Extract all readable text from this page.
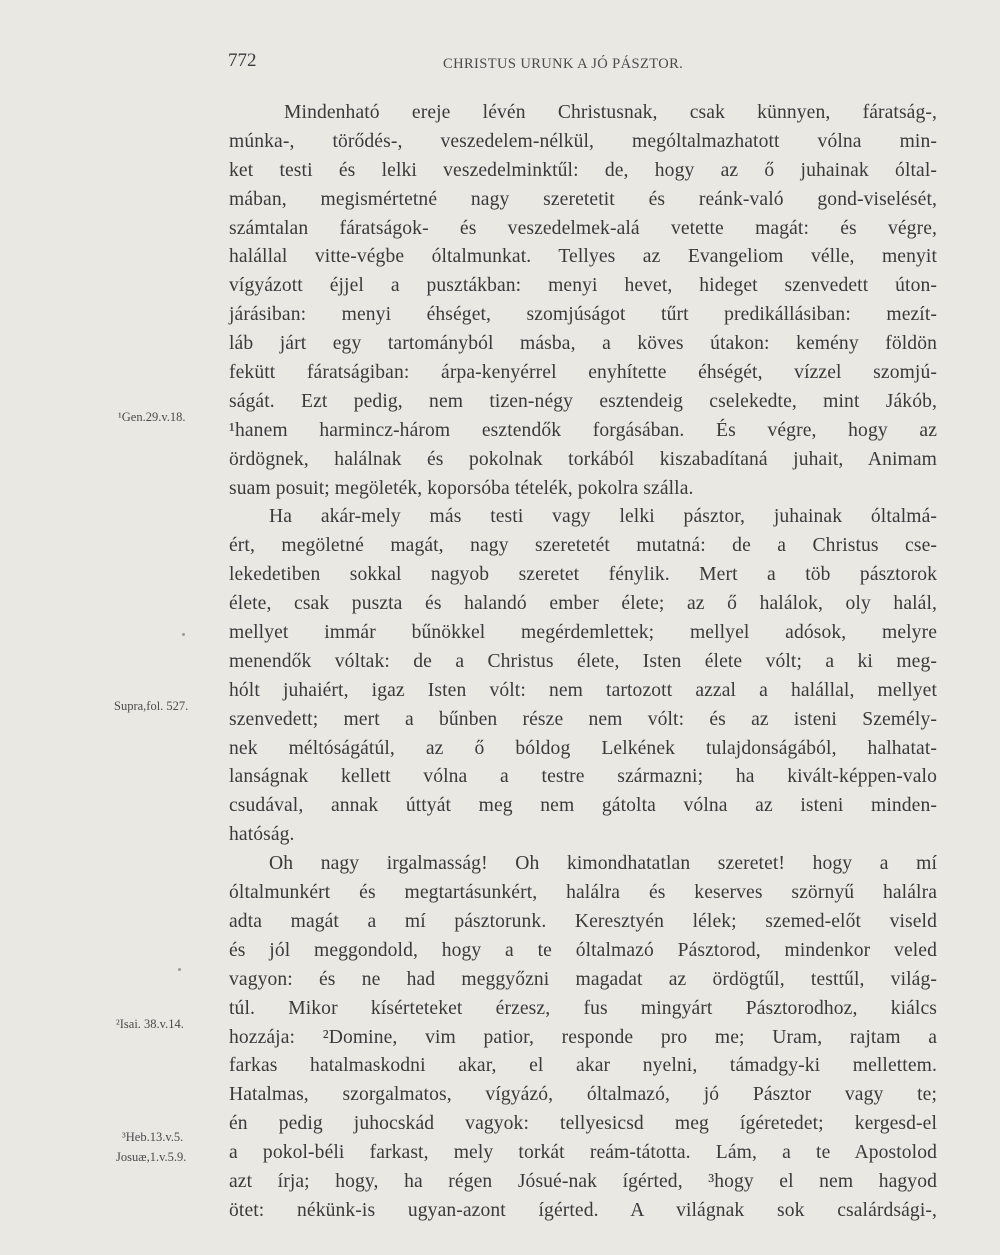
772	CHRISTUS URUNK A JÓ PÁSZTOR.
Mindenható ereje lévén Christusnak, csak künnyen, fáratság-,
múnka-, törődés-, veszedelem-nélkül, mególtalmazhatott vólna min-
ket testi és lelki veszedelminktűl: de, hogy az ő juhainak óltal-
mában, megismértetné nagy szeretetit és reánk-való gond-viselését,
számtalan fáratságok- és veszedelmek-alá vetette magát: és végre,
halállal vitte-végbe óltalmunkat. Tellyes az Evangeliom vélle, menyit
vígyázott éjjel a pusztákban: menyi hevet, hideget szenvedett úton-
járásiban: menyi éhséget, szomjúságot tűrt predikállásiban: mezít-
láb járt egy tartományból másba, a köves útakon: kemény földön
fekütt fáratságiban: árpa-kenyérrel enyhítette éhségét, vízzel szomjú-
ságát. Ezt pedig, nem tizen-négy esztendeig cselekedte, mint Jákób,
¹hanem harmincz-három esztendők forgásában. És végre, hogy az
ördögnek, halálnak és pokolnak torkából kiszabadítaná juhait, Animam
suam posuit; megöleték, koporsóba tételék, pokolra szálla.
Ha akár-mely más testi vagy lelki pásztor, juhainak óltalmá-
ért, megöletné magát, nagy szeretetét mutatná: de a Christus cse-
lekedetiben sokkal nagyob szeretet fénylik. Mert a töb pásztorok
élete, csak puszta és halandó ember élete; az ő halálok, oly halál,
mellyet immár bűnökkel megérdemlettek; mellyel adósok, melyre
menendők vóltak: de a Christus élete, Isten élete vólt; a ki meg-
hólt juhaiért, igaz Isten vólt: nem tartozott azzal a halállal, mellyet
szenvedett; mert a bűnben része nem vólt: és az isteni Személy-
nek méltóságátúl, az ő bóldog Lelkének tulajdonságából, halhatat-
lanságnak kellett vólna a testre származni; ha kivált-képpen-valo
csudával, annak úttyát meg nem gátolta vólna az isteni minden-
hatóság.
Oh nagy irgalmasság! Oh kimondhatatlan szeretet! hogy a mí
óltalmunkért és megtartásunkért, halálra és keserves szörnyű halálra
adta magát a mí pásztorunk. Keresztyén lélek; szemed-előt viseld
és jól meggondold, hogy a te óltalmazó Pásztorod, mindenkor veled
vagyon: és ne had meggyőzni magadat az ördögtűl, testtűl, világ-
túl. Mikor kísérteteket érzesz, fus mingyárt Pásztorodhoz, kiálcs
hozzája: ²Domine, vim patior, responde pro me; Uram, rajtam a
farkas hatalmaskodni akar, el akar nyelni, támadgy-ki mellettem.
Hatalmas, szorgalmatos, vígyázó, óltalmazó, jó Pásztor vagy te;
én pedig juhocskád vagyok: tellyesicsd meg ígéretedet; kergesd-el
a pokol-béli farkast, mely torkát reám-tátotta. Lám, a te Apostolod
azt írja; hogy, ha régen Jósué-nak ígérted, ³hogy el nem hagyod
ötet: nékünk-is ugyan-azont ígérted. A világnak sok csalárdsági-,
¹Gen.29.v.18.
Supra,fol. 527.
²Isai. 38.v.14.
³Heb.13.v.5.
Josuæ,1.v.5.9.
